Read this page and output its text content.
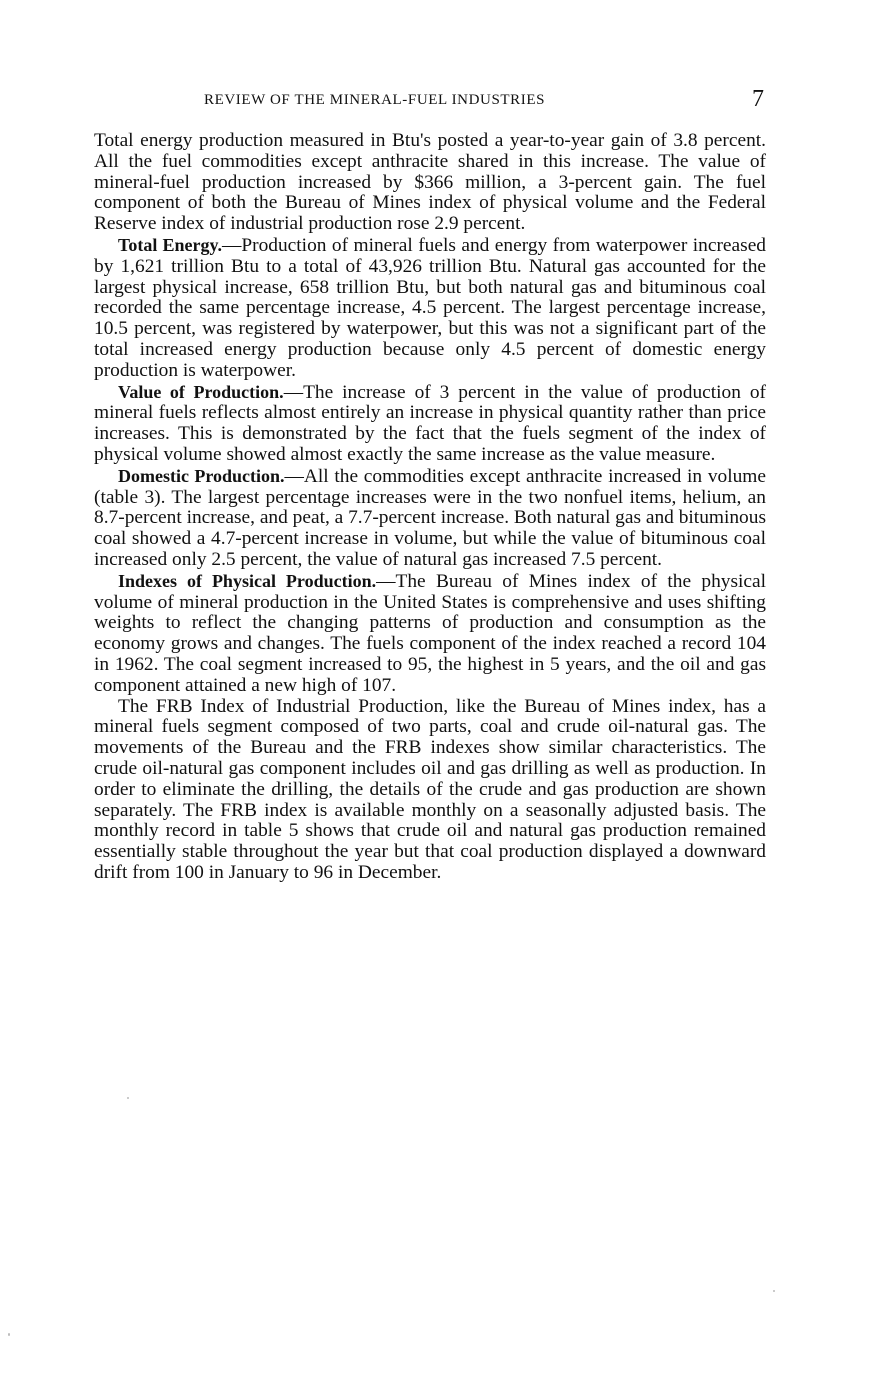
REVIEW OF THE MINERAL-FUEL INDUSTRIES	7

Total energy production measured in Btu's posted a year-to-year gain of 3.8 percent. All the fuel commodities except anthracite shared in this increase. The value of mineral-fuel production increased by $366 million, a 3-percent gain. The fuel component of both the Bureau of Mines index of physical volume and the Federal Reserve index of industrial production rose 2.9 percent.

Total Energy.—Production of mineral fuels and energy from waterpower increased by 1,621 trillion Btu to a total of 43,926 trillion Btu. Natural gas accounted for the largest physical increase, 658 trillion Btu, but both natural gas and bituminous coal recorded the same percentage increase, 4.5 percent. The largest percentage increase, 10.5 percent, was registered by waterpower, but this was not a significant part of the total increased energy production because only 4.5 percent of domestic energy production is waterpower.

Value of Production.—The increase of 3 percent in the value of production of mineral fuels reflects almost entirely an increase in physical quantity rather than price increases. This is demonstrated by the fact that the fuels segment of the index of physical volume showed almost exactly the same increase as the value measure.

Domestic Production.—All the commodities except anthracite increased in volume (table 3). The largest percentage increases were in the two nonfuel items, helium, an 8.7-percent increase, and peat, a 7.7-percent increase. Both natural gas and bituminous coal showed a 4.7-percent increase in volume, but while the value of bituminous coal increased only 2.5 percent, the value of natural gas increased 7.5 percent.

Indexes of Physical Production.—The Bureau of Mines index of the physical volume of mineral production in the United States is comprehensive and uses shifting weights to reflect the changing patterns of production and consumption as the economy grows and changes. The fuels component of the index reached a record 104 in 1962. The coal segment increased to 95, the highest in 5 years, and the oil and gas component attained a new high of 107.

The FRB Index of Industrial Production, like the Bureau of Mines index, has a mineral fuels segment composed of two parts, coal and crude oil-natural gas. The movements of the Bureau and the FRB indexes show similar characteristics. The crude oil-natural gas component includes oil and gas drilling as well as production. In order to eliminate the drilling, the details of the crude and gas production are shown separately. The FRB index is available monthly on a seasonally adjusted basis. The monthly record in table 5 shows that crude oil and natural gas production remained essentially stable throughout the year but that coal production displayed a downward drift from 100 in January to 96 in December.
